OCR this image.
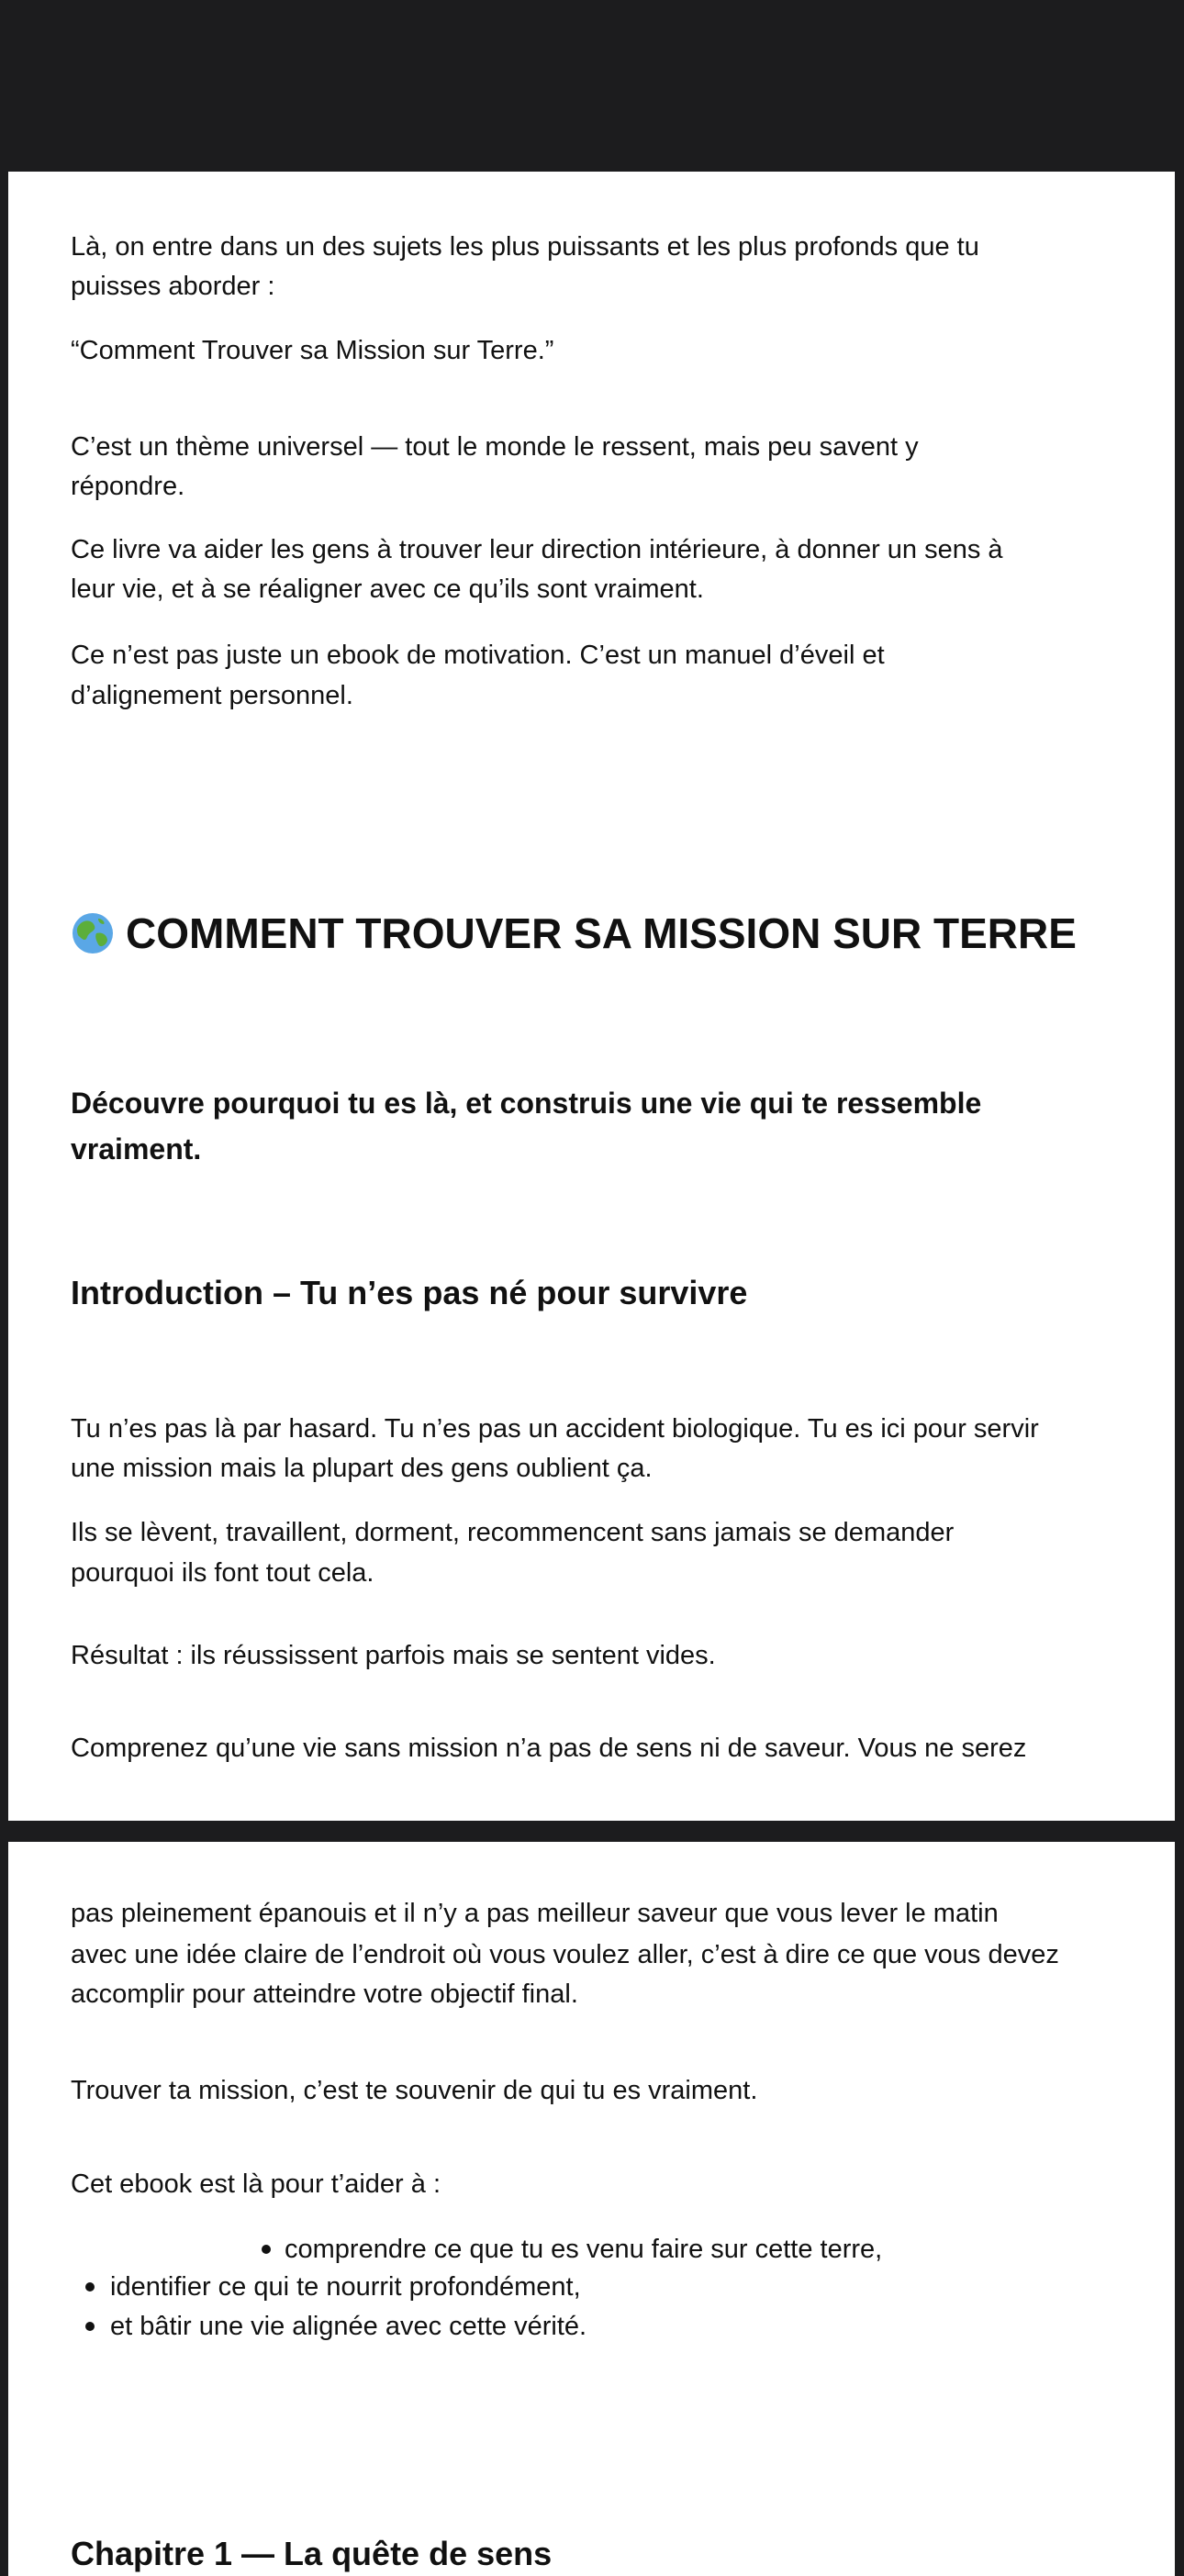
Là, on entre dans un des sujets les plus puissants et les plus profonds que tu
puisses aborder :
“Comment Trouver sa Mission sur Terre.”
C’est un thème universel — tout le monde le ressent, mais peu savent y
répondre.
Ce livre va aider les gens à trouver leur direction intérieure, à donner un sens à
leur vie, et à se réaligner avec ce qu’ils sont vraiment.
Ce n’est pas juste un ebook de motivation. C’est un manuel d’éveil et
d’alignement personnel.
COMMENT TROUVER SA MISSION SUR TERRE
Découvre pourquoi tu es là, et construis une vie qui te ressemble
vraiment.
Introduction – Tu n’es pas né pour survivre
Tu n’es pas là par hasard. Tu n’es pas un accident biologique. Tu es ici pour servir
une mission mais la plupart des gens oublient ça.
Ils se lèvent, travaillent, dorment, recommencent sans jamais se demander
pourquoi ils font tout cela.
Résultat : ils réussissent parfois mais se sentent vides.
Comprenez qu’une vie sans mission n’a pas de sens ni de saveur. Vous ne serez
pas pleinement épanouis et il n’y a pas meilleur saveur que vous lever le matin
avec une idée claire de l’endroit où vous voulez aller, c’est à dire ce que vous devez
accomplir pour atteindre votre objectif final.
Trouver ta mission, c’est te souvenir de qui tu es vraiment.
Cet ebook est là pour t’aider à :
comprendre ce que tu es venu faire sur cette terre,
identifier ce qui te nourrit profondément,
et bâtir une vie alignée avec cette vérité.
Chapitre 1 — La quête de sens
